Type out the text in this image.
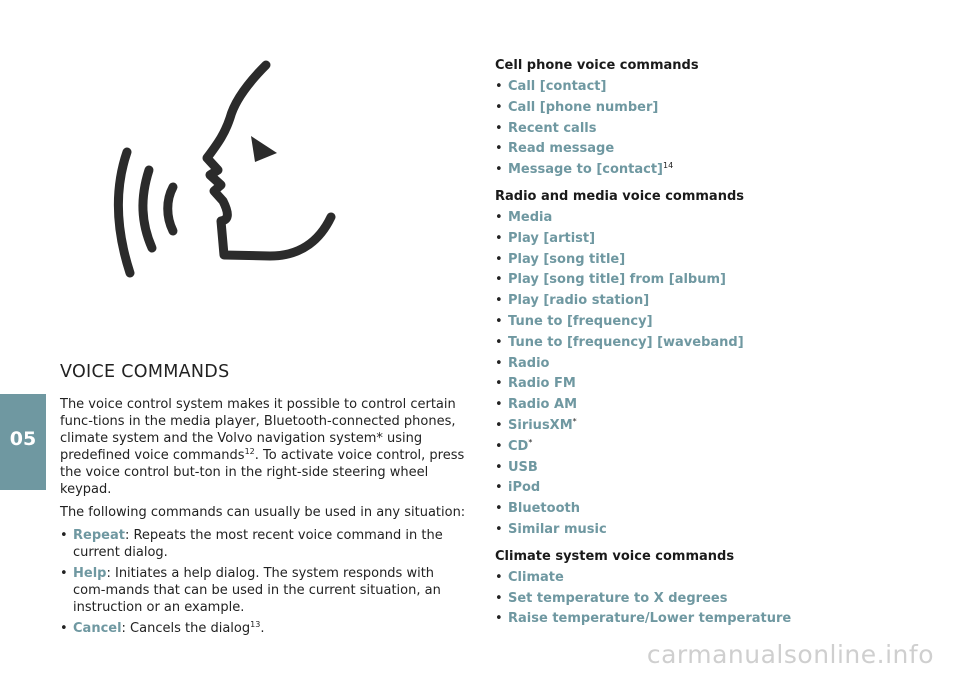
05
VOICE COMMANDS

The voice control system makes it possible to control certain func-tions in the media player, Bluetooth-connected phones, climate system and the Volvo navigation system* using predefined voice commands$^{12}$. To activate voice control, press the voice control but-ton in the right-side steering wheel keypad.

The following commands can usually be used in any situation:

• Repeat: Repeats the most recent voice command in the current dialog.
• Help: Initiates a help dialog. The system responds with com-mands that can be used in the current situation, an instruction or an example.
• Cancel: Cancels the dialog$^{13}$.
Cell phone voice commands
• Call [contact]
• Call [phone number]
• Recent calls
• Read message
• Message to [contact]$^{14}$
Radio and media voice commands
• Media
• Play [artist]
• Play [song title]
• Play [song title] from [album]
• Play [radio station]
• Tune to [frequency]
• Tune to [frequency] [waveband]
• Radio
• Radio FM
• Radio AM
• SiriusXM*
• CD*
• USB
• iPod
• Bluetooth
• Similar music
Climate system voice commands
• Climate
• Set temperature to X degrees
• Raise temperature/Lower temperature
carmanualsonline.info
